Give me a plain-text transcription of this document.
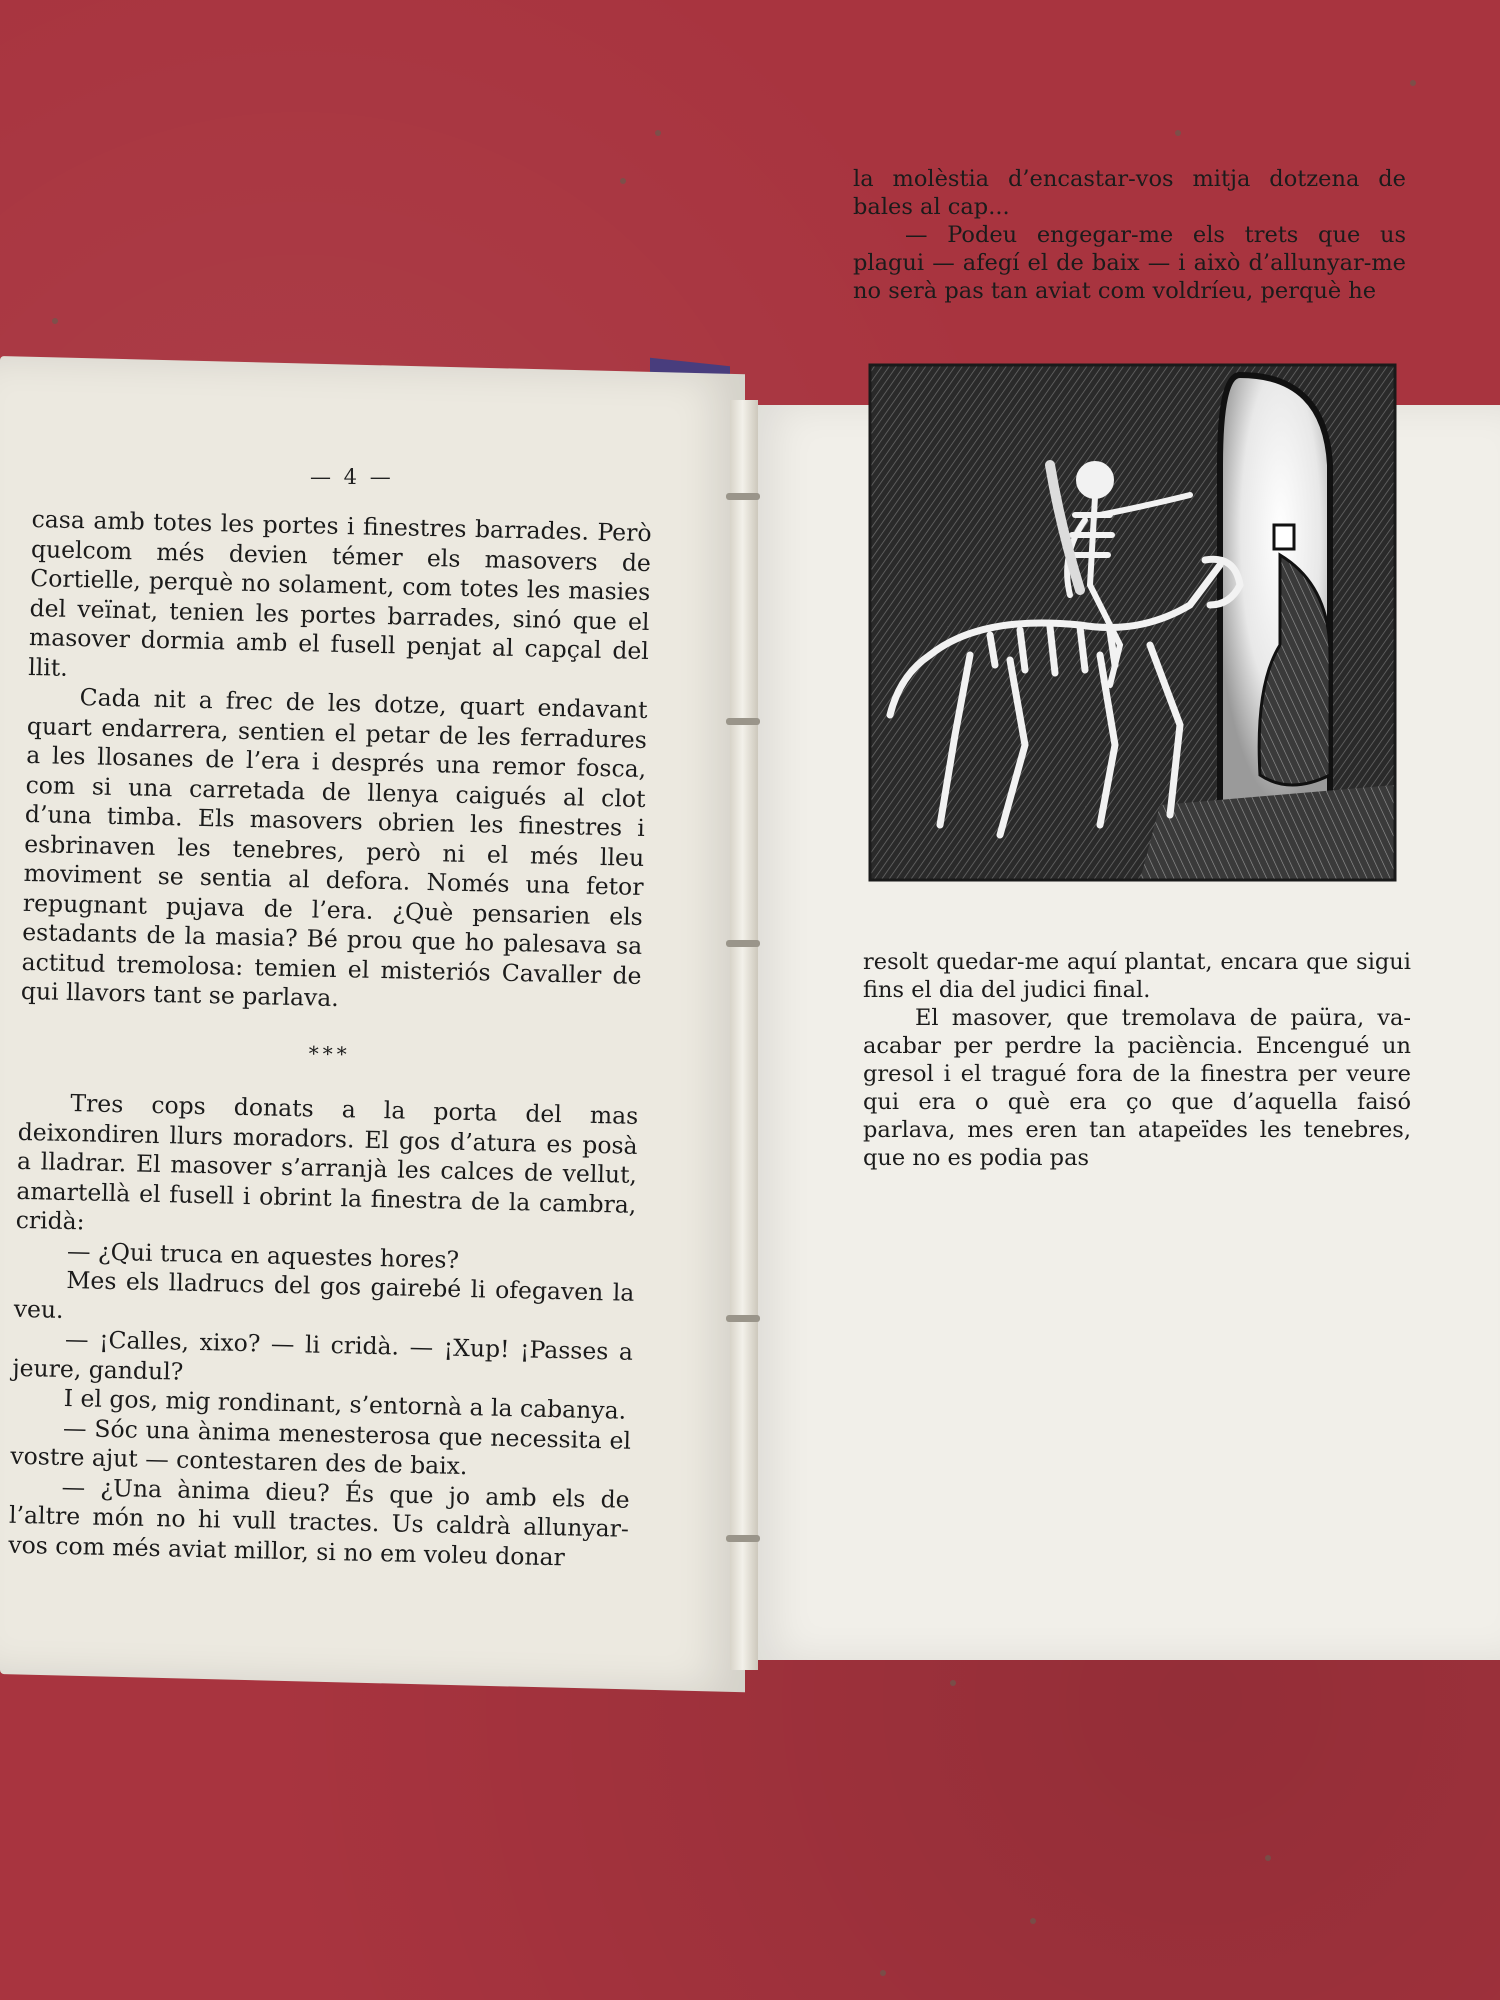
— 4 —

casa amb totes les portes i finestres barrades. Però quelcom més devien témer els masovers de Cortielle, perquè no solament, com totes les masies del veïnat, tenien les portes barrades, sinó que el masover dormia amb el fusell penjat al capçal del llit.

Cada nit a frec de les dotze, quart endavant quart endarrera, sentien el petar de les ferradures a les llosanes de l’era i després una remor fosca, com si una carretada de llenya caigués al clot d’una timba. Els masovers obrien les finestres i esbrinaven les tenebres, però ni el més lleu moviment se sentia al defora. Només una fetor repugnant pujava de l’era. ¿Què pensarien els estadants de la masia? Bé prou que ho palesava sa actitud tremolosa: temien el misteriós Cavaller de qui llavors tant se parlava.

***

Tres cops donats a la porta del mas deixondiren llurs moradors. El gos d’atura es posà a lladrar. El masover s’arranjà les calces de vellut, amartellà el fusell i obrint la finestra de la cambra, cridà:

— ¿Qui truca en aquestes hores?

Mes els lladrucs del gos gairebé li ofegaven la veu.

— ¡Calles, xixo? — li cridà. — ¡Xup! ¡Passes a jeure, gandul?

I el gos, mig rondinant, s’entornà a la cabanya.

— Sóc una ànima menesterosa que necessita el vostre ajut — contestaren des de baix.

— ¿Una ànima dieu? És que jo amb els de l’altre món no hi vull tractes. Us caldrà allunyar-vos com més aviat millor, si no em voleu donar

la molèstia d’encastar-vos mitja dotzena de bales al cap...

— Podeu engegar-me els trets que us plagui — afegí el de baix — i això d’allunyar-me no serà pas tan aviat com voldríeu, perquè he

resolt quedar-me aquí plantat, encara que sigui fins el dia del judici final.

El masover, que tremolava de paüra, va-acabar per perdre la paciència. Encengué un gresol i el tragué fora de la finestra per veure qui era o què era ço que d’aquella faisó parlava, mes eren tan atapeïdes les tenebres, que no es podia pas
